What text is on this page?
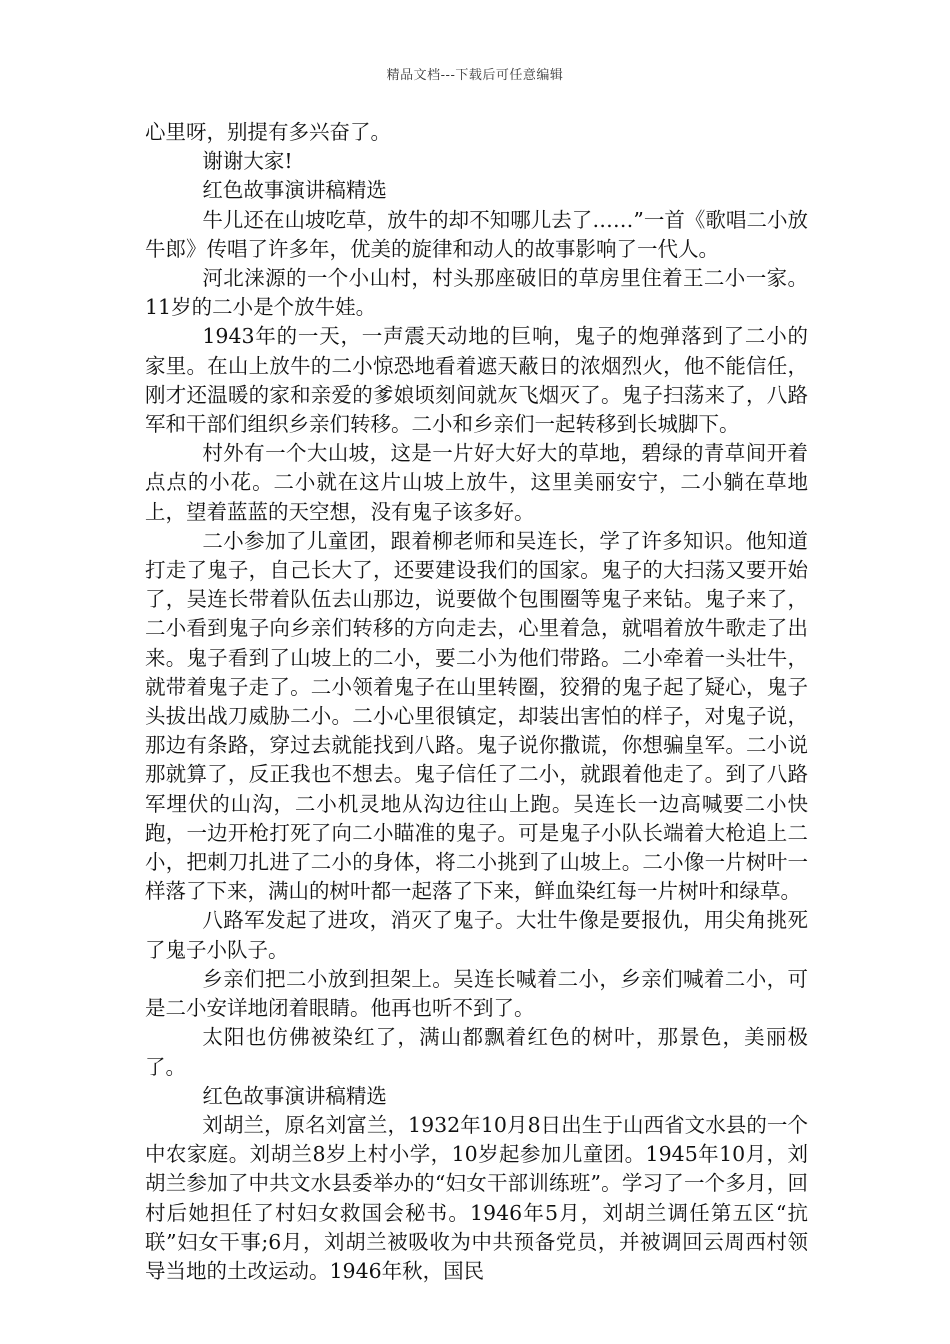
精品文档---下载后可任意编辑

心里呀，别提有多兴奋了。

谢谢大家!

红色故事演讲稿精选

牛儿还在山坡吃草，放牛的却不知哪儿去了……”一首《歌唱二小放牛郎》传唱了许多年，优美的旋律和动人的故事影响了一代人。

河北涞源的一个小山村，村头那座破旧的草房里住着王二小一家。11岁的二小是个放牛娃。

1943年的一天，一声震天动地的巨响，鬼子的炮弹落到了二小的家里。在山上放牛的二小惊恐地看着遮天蔽日的浓烟烈火，他不能信任，刚才还温暖的家和亲爱的爹娘顷刻间就灰飞烟灭了。鬼子扫荡来了，八路军和干部们组织乡亲们转移。二小和乡亲们一起转移到长城脚下。

村外有一个大山坡，这是一片好大好大的草地，碧绿的青草间开着点点的小花。二小就在这片山坡上放牛，这里美丽安宁，二小躺在草地上，望着蓝蓝的天空想，没有鬼子该多好。

二小参加了儿童团，跟着柳老师和吴连长，学了许多知识。他知道打走了鬼子，自己长大了，还要建设我们的国家。鬼子的大扫荡又要开始了，吴连长带着队伍去山那边，说要做个包围圈等鬼子来钻。鬼子来了，二小看到鬼子向乡亲们转移的方向走去，心里着急，就唱着放牛歌走了出来。鬼子看到了山坡上的二小，要二小为他们带路。二小牵着一头壮牛，就带着鬼子走了。二小领着鬼子在山里转圈，狡猾的鬼子起了疑心，鬼子头拔出战刀威胁二小。二小心里很镇定，却装出害怕的样子，对鬼子说，那边有条路，穿过去就能找到八路。鬼子说你撒谎，你想骗皇军。二小说那就算了，反正我也不想去。鬼子信任了二小，就跟着他走了。到了八路军埋伏的山沟，二小机灵地从沟边往山上跑。吴连长一边高喊要二小快跑，一边开枪打死了向二小瞄准的鬼子。可是鬼子小队长端着大枪追上二小，把刺刀扎进了二小的身体，将二小挑到了山坡上。二小像一片树叶一样落了下来，满山的树叶都一起落了下来，鲜血染红每一片树叶和绿草。

八路军发起了进攻，消灭了鬼子。大壮牛像是要报仇，用尖角挑死了鬼子小队子。

乡亲们把二小放到担架上。吴连长喊着二小，乡亲们喊着二小，可是二小安详地闭着眼睛。他再也听不到了。

太阳也仿佛被染红了，满山都飘着红色的树叶，那景色，美丽极了。

红色故事演讲稿精选

刘胡兰，原名刘富兰，1932年10月8日出生于山西省文水县的一个中农家庭。刘胡兰8岁上村小学，10岁起参加儿童团。1945年10月，刘胡兰参加了中共文水县委举办的“妇女干部训练班”。学习了一个多月，回村后她担任了村妇女救国会秘书。1946年5月，刘胡兰调任第五区“抗联”妇女干事;6月，刘胡兰被吸收为中共预备党员，并被调回云周西村领导当地的土改运动。1946年秋，国民
